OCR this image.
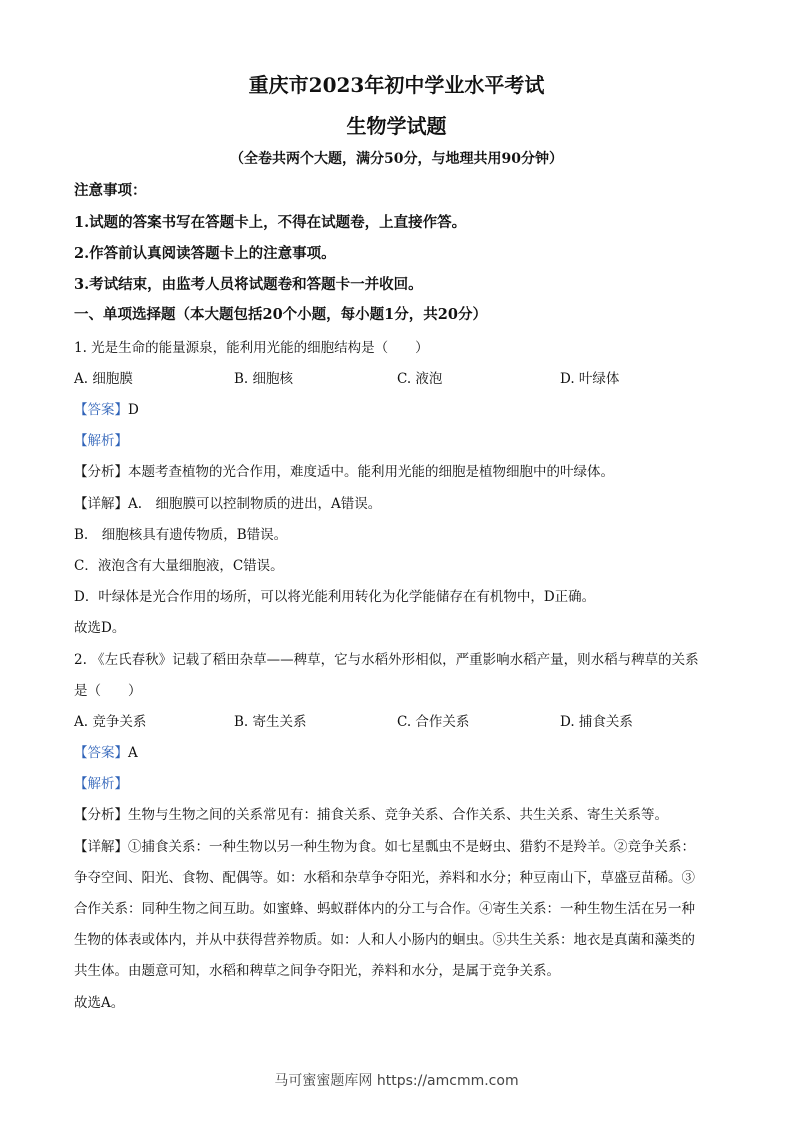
重庆市2023年初中学业水平考试
生物学试题
（全卷共两个大题，满分50分，与地理共用90分钟）
注意事项：
1.试题的答案书写在答题卡上，不得在试题卷，上直接作答。
2.作答前认真阅读答题卡上的注意事项。
3.考试结束，由监考人员将试题卷和答题卡一并收回。
一、单项选择题（本大题包括20个小题，每小题1分，共20分）
1. 光是生命的能量源泉，能利用光能的细胞结构是（　　）
A. 细胞膜	B. 细胞核	C. 液泡	D. 叶绿体
【答案】D
【解析】
【分析】本题考查植物的光合作用，难度适中。能利用光能的细胞是植物细胞中的叶绿体。
【详解】A.　细胞膜可以控制物质的进出，A错误。
B.　细胞核具有遗传物质，B错误。
C．液泡含有大量细胞液，C错误。
D．叶绿体是光合作用的场所，可以将光能利用转化为化学能储存在有机物中，D正确。
故选D。
2. 《左氏春秋》记载了稻田杂草——稗草，它与水稻外形相似，严重影响水稻产量，则水稻与稗草的关系
是（　　）
A. 竞争关系	B. 寄生关系	C. 合作关系	D. 捕食关系
【答案】A
【解析】
【分析】生物与生物之间的关系常见有：捕食关系、竞争关系、合作关系、共生关系、寄生关系等。
【详解】①捕食关系：一种生物以另一种生物为食。如七星瓢虫不是蚜虫、猎豹不是羚羊。②竞争关系：
争夺空间、阳光、食物、配偶等。如：水稻和杂草争夺阳光，养料和水分；种豆南山下，草盛豆苗稀。③
合作关系：同种生物之间互助。如蜜蜂、蚂蚁群体内的分工与合作。④寄生关系：一种生物生活在另一种
生物的体表或体内，并从中获得营养物质。如：人和人小肠内的蛔虫。⑤共生关系：地衣是真菌和藻类的
共生体。由题意可知，水稻和稗草之间争夺阳光，养料和水分，是属于竞争关系。
故选A。
马可蜜蜜题库网 https://amcmm.com
